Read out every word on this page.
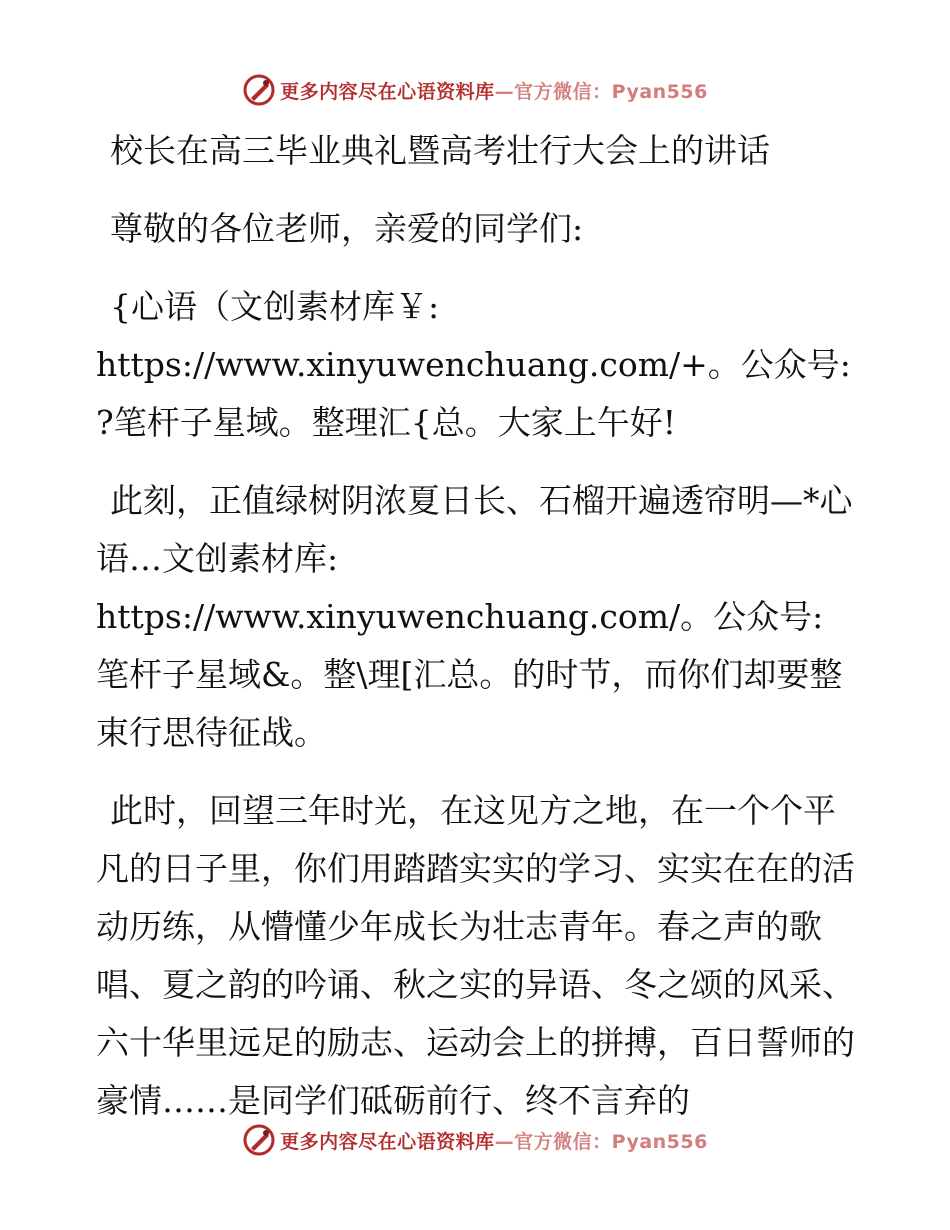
更多内容尽在心语资料库—官方微信：Pyan556

校长在高三毕业典礼暨高考壮行大会上的讲话

尊敬的各位老师，亲爱的同学们:

{心语（文创素材库￥: https://www.xinyuwenchuang.com/+。公众号: ?笔杆子星域。整理汇{总。大家上午好!

此刻，正值绿树阴浓夏日长、石榴开遍透帘明—*心语…文创素材库: https://www.xinyuwenchuang.com/。公众号: 笔杆子星域&。整\理[汇总。的时节，而你们却要整束行思待征战。

此时，回望三年时光，在这见方之地，在一个个平凡的日子里，你们用踏踏实实的学习、实实在在的活动历练，从懵懂少年成长为壮志青年。春之声的歌唱、夏之韵的吟诵、秋之实的异语、冬之颂的风采、六十华里远足的励志、运动会上的拼搏，百日誓师的豪情……是同学们砥砺前行、终不言弃的

更多内容尽在心语资料库—官方微信：Pyan556
